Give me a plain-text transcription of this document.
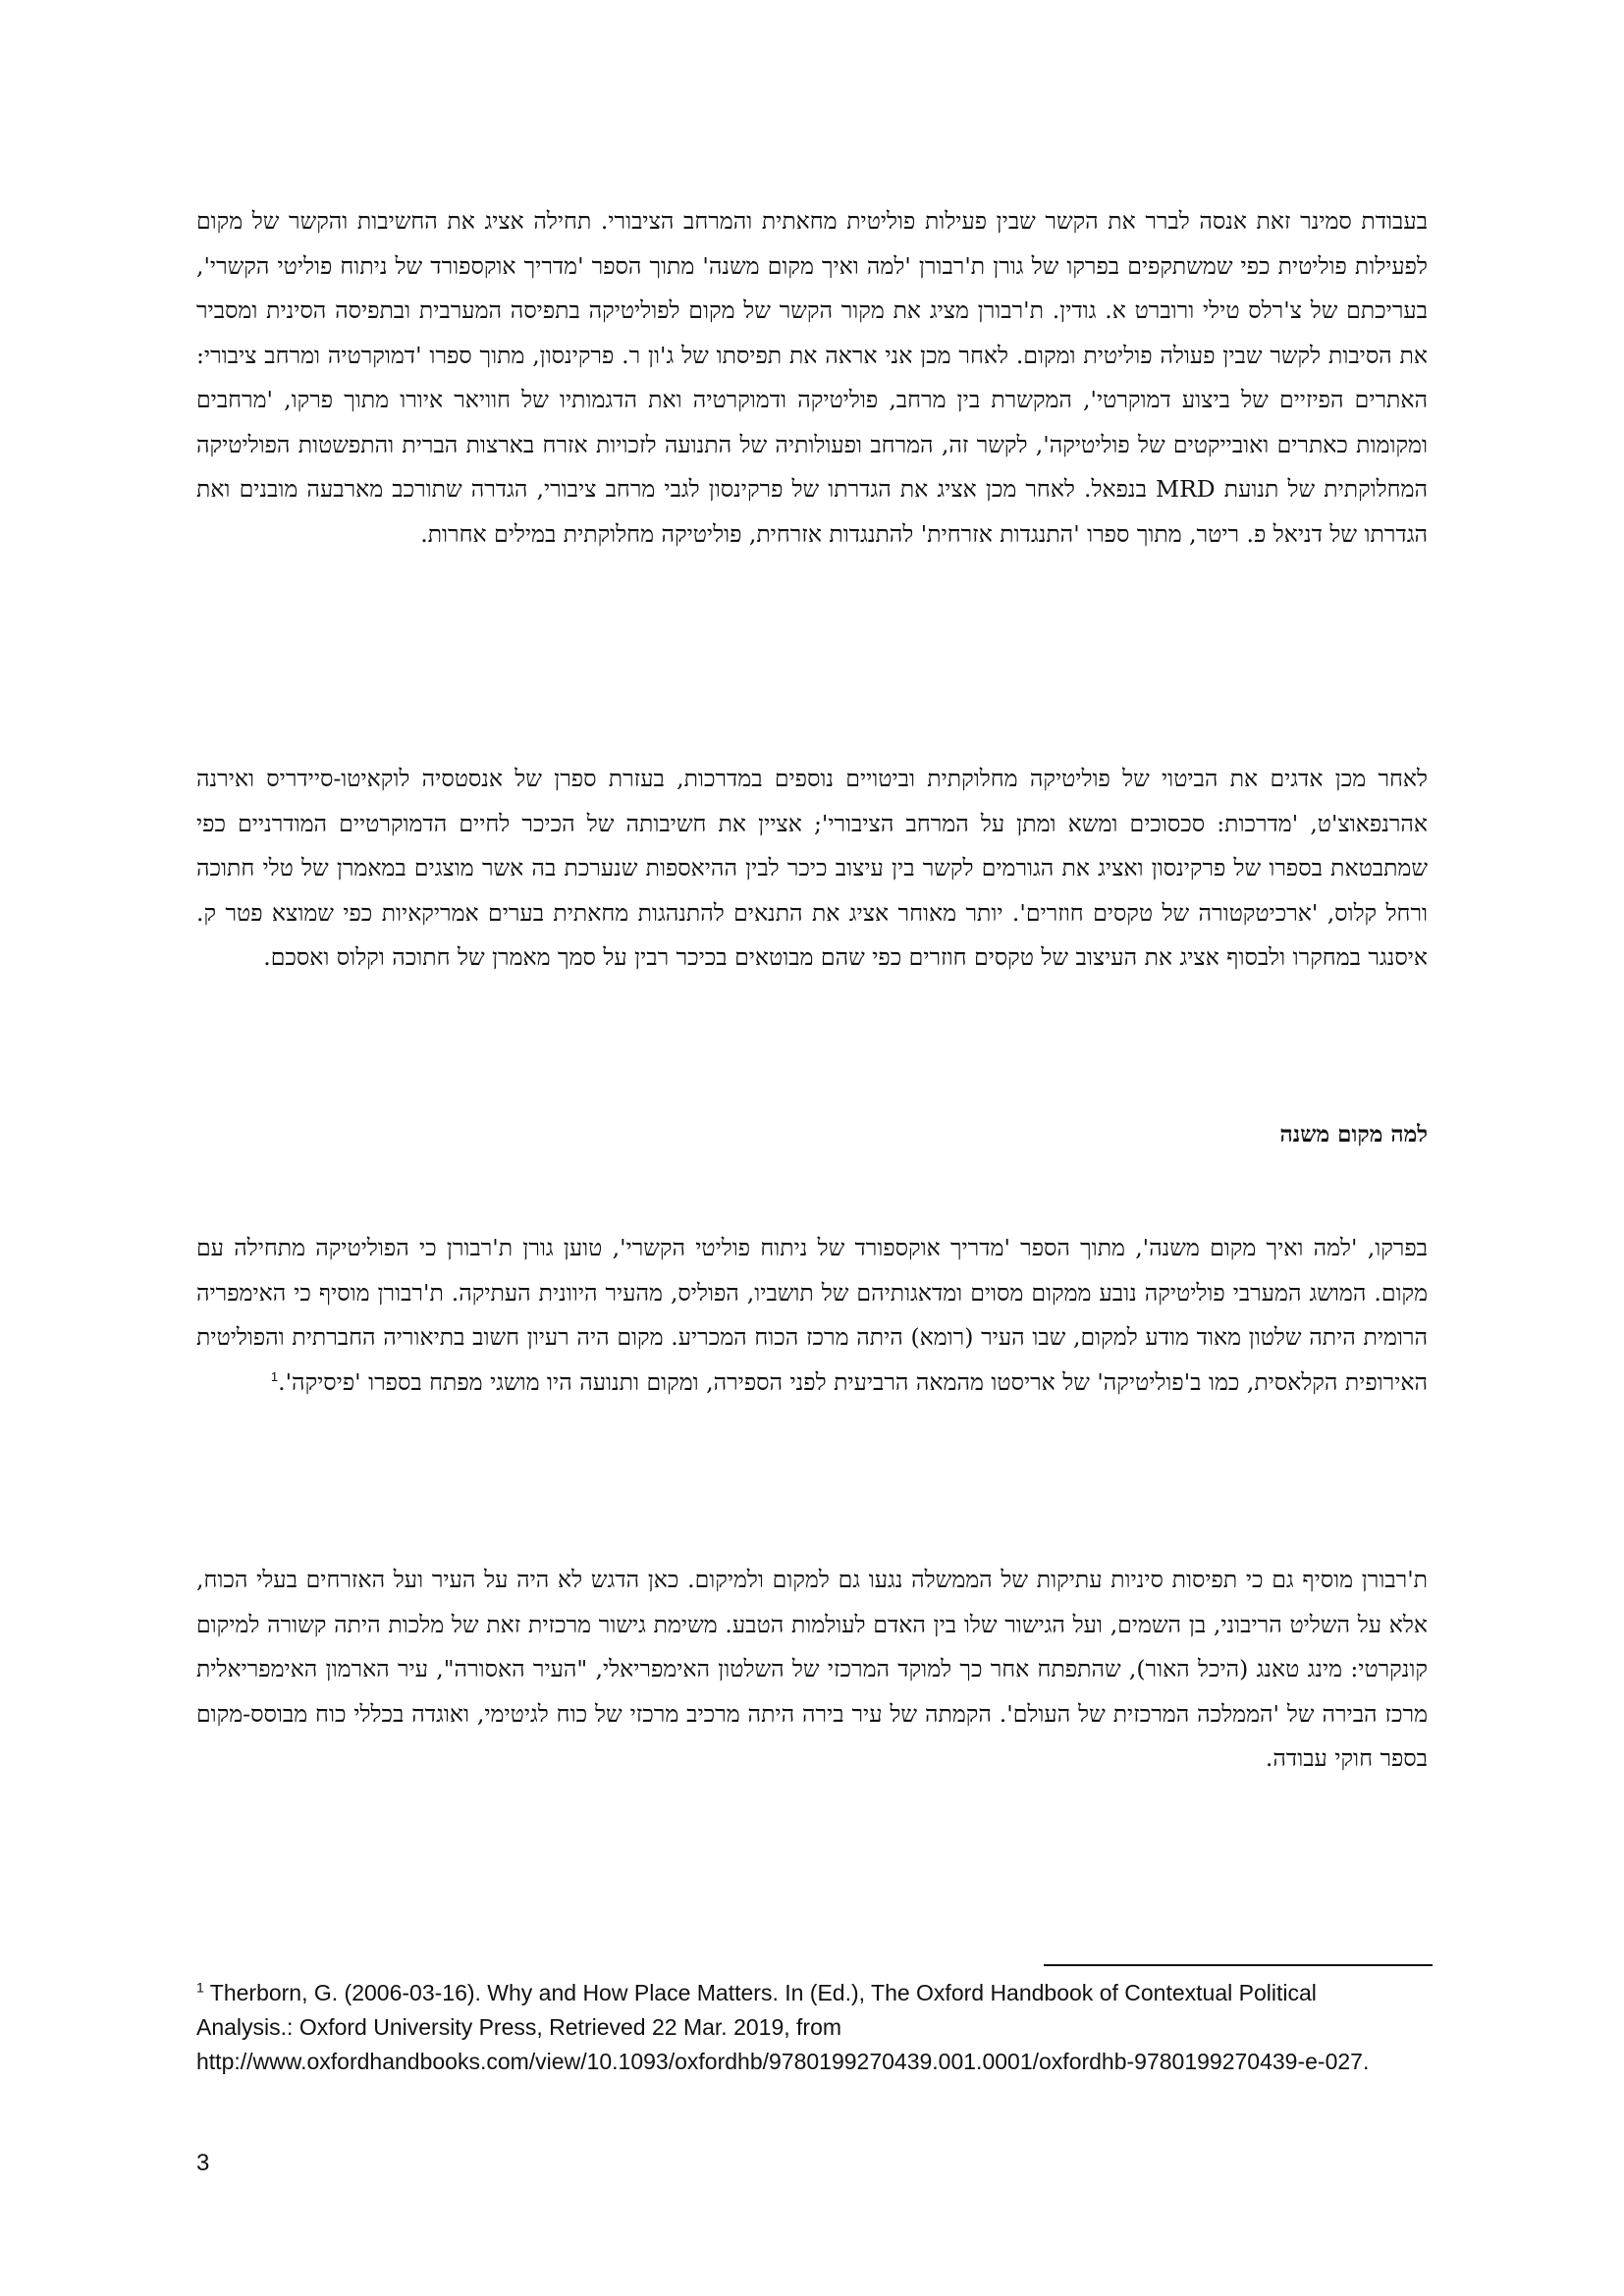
בעבודת סמינר זאת אנסה לברר את הקשר שבין פעילות פוליטית מחאתית והמרחב הציבורי. תחילה אציג את החשיבות והקשר של מקום לפעילות פוליטית כפי שמשתקפים בפרקו של גורן ת'רבורן 'למה ואיך מקום משנה' מתוך הספר 'מדריך אוקספורד של ניתוח פוליטי הקשרי', בעריכתם של צ'רלס טילי ורוברט א. גודין. ת'רבורן מציג את מקור הקשר של מקום לפוליטיקה בתפיסה המערבית ובתפיסה הסינית ומסביר את הסיבות לקשר שבין פעולה פוליטית ומקום. לאחר מכן אני אראה את תפיסתו של ג'ון ר. פרקינסון, מתוך ספרו 'דמוקרטיה ומרחב ציבורי: האתרים הפיזיים של ביצוע דמוקרטי', המקשרת בין מרחב, פוליטיקה ודמוקרטיה ואת הדגמותיו של חוויאר איורו מתוך פרקו, 'מרחבים ומקומות כאתרים ואובייקטים של פוליטיקה', לקשר זה, המרחב ופעולותיה של התנועה לזכויות אזרח בארצות הברית והתפשטות הפוליטיקה המחלוקתית של תנועת MRD בנפאל. לאחר מכן אציג את הגדרתו של פרקינסון לגבי מרחב ציבורי, הגדרה שתורכב מארבעה מובנים ואת הגדרתו של דניאל פ. ריטר, מתוך ספרו 'התנגדות אזרחית' להתנגדות אזרחית, פוליטיקה מחלוקתית במילים אחרות.

לאחר מכן אדגים את הביטוי של פוליטיקה מחלוקתית וביטויים נוספים במדרכות, בעזרת ספרן של אנסטסיה לוקאיטו-סיידריס ואירנה אהרנפאוצ'ט, 'מדרכות: סכסוכים ומשא ומתן על המרחב הציבורי'; אציין את חשיבותה של הכיכר לחיים הדמוקרטיים המודרניים כפי שמתבטאת בספרו של פרקינסון ואציג את הגורמים לקשר בין עיצוב כיכר לבין ההיאספות שנערכת בה אשר מוצגים במאמרן של טלי חתוכה ורחל קלוס, 'ארכיטקטורה של טקסים חוזרים'. יותר מאוחר אציג את התנאים להתנהגות מחאתית בערים אמריקאיות כפי שמוצא פטר ק. איסנגר במחקרו ולבסוף אציג את העיצוב של טקסים חוזרים כפי שהם מבוטאים בכיכר רבין על סמך מאמרן של חתוכה וקלוס ואסכם.

למה מקום משנה

בפרקו, 'למה ואיך מקום משנה', מתוך הספר 'מדריך אוקספורד של ניתוח פוליטי הקשרי', טוען גורן ת'רבורן כי הפוליטיקה מתחילה עם מקום. המושג המערבי פוליטיקה נובע ממקום מסוים ומדאגותיהם של תושביו, הפוליס, מהעיר היוונית העתיקה. ת'רבורן מוסיף כי האימפריה הרומית היתה שלטון מאוד מודע למקום, שבו העיר (רומא) היתה מרכז הכוח המכריע. מקום היה רעיון חשוב בתיאוריה החברתית והפוליטית האירופית הקלאסית, כמו ב'פוליטיקה' של אריסטו מהמאה הרביעית לפני הספירה, ומקום ותנועה היו מושגי מפתח בספרו 'פיסיקה'.$^1$

ת'רבורן מוסיף גם כי תפיסות סיניות עתיקות של הממשלה נגעו גם למקום ולמיקום. כאן הדגש לא היה על העיר ועל האזרחים בעלי הכוח, אלא על השליט הריבוני, בן השמים, ועל הגישור שלו בין האדם לעולמות הטבע. משימת גישור מרכזית זאת של מלכות היתה קשורה למיקום קונקרטי: מינג טאנג (היכל האור), שהתפתח אחר כך למוקד המרכזי של השלטון האימפריאלי, "העיר האסורה", עיר הארמון האימפריאלית מרכז הבירה של 'הממלכה המרכזית של העולם'. הקמתה של עיר בירה היתה מרכיב מרכזי של כוח לגיטימי, ואוגדה בכללי כוח מבוסס-מקום בספר חוקי עבודה.

$^1$ Therborn, G. (2006-03-16). Why and How Place Matters. In (Ed.), The Oxford Handbook of Contextual Political Analysis.: Oxford University Press, Retrieved 22 Mar. 2019, from http://www.oxfordhandbooks.com/view/10.1093/oxfordhb/9780199270439.001.0001/oxfordhb-9780199270439-e-027.
3
